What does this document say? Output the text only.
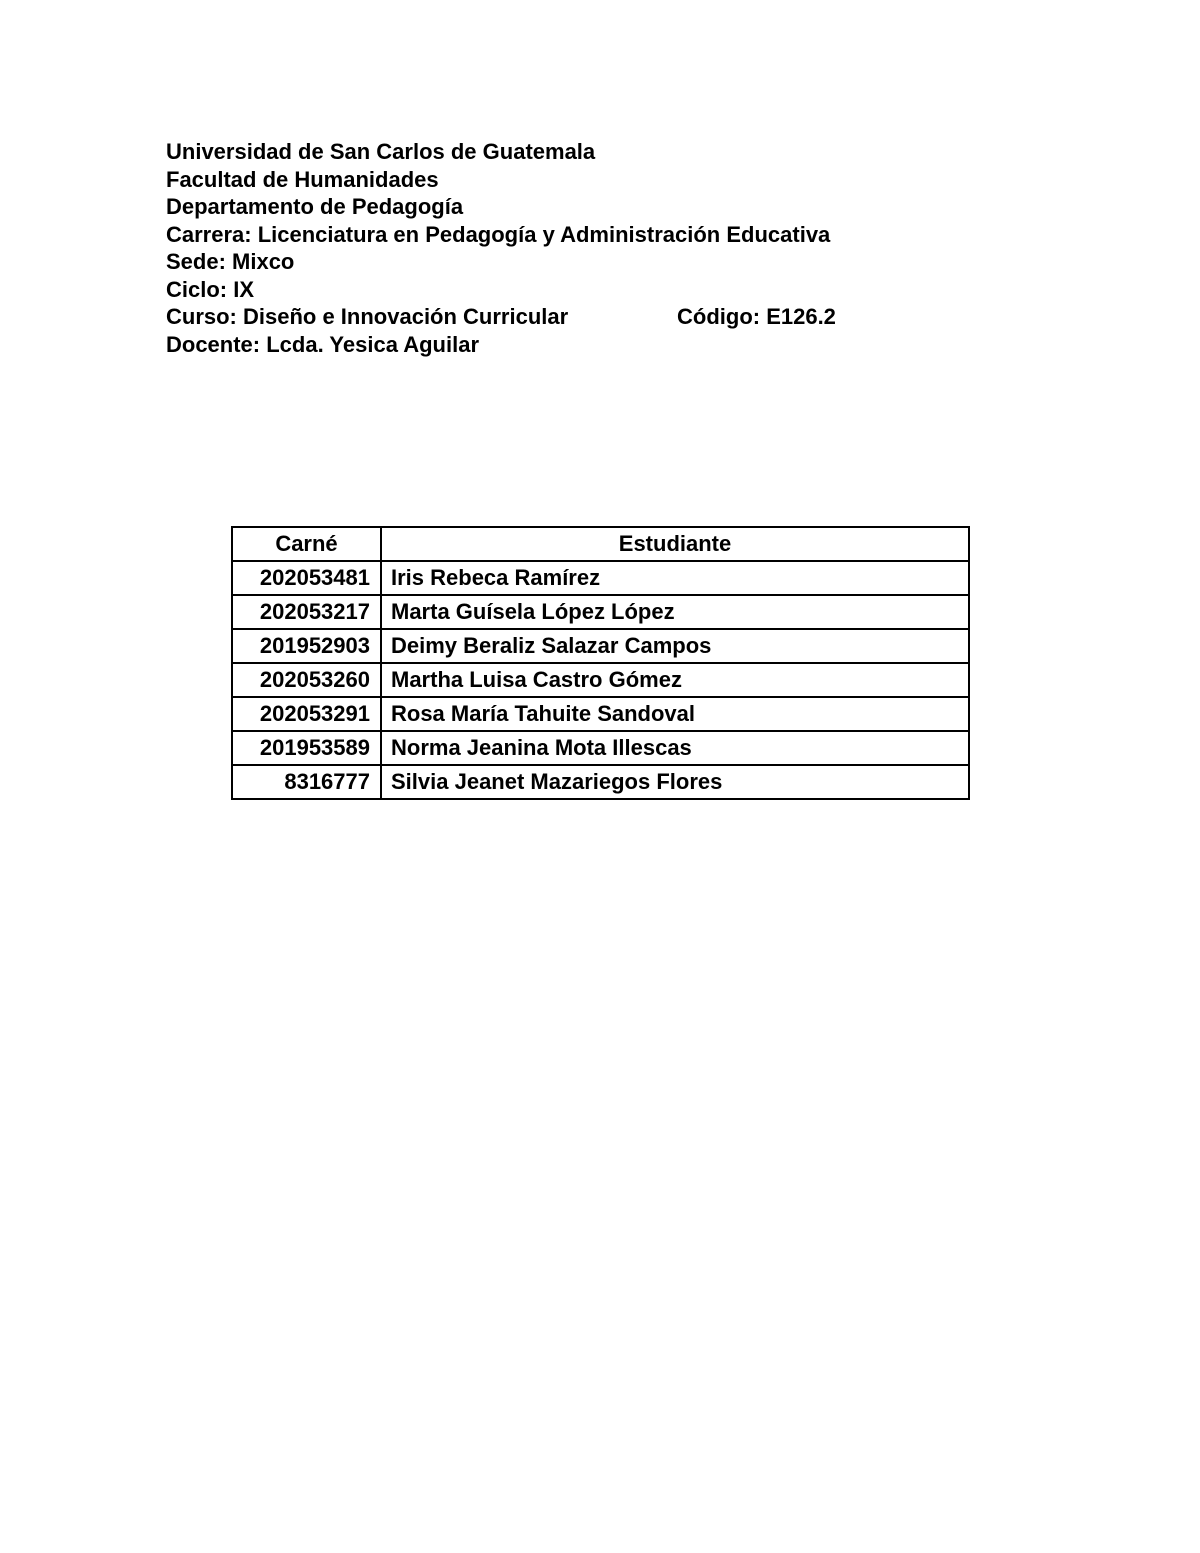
Universidad de San Carlos de Guatemala
Facultad de Humanidades
Departamento de Pedagogía
Carrera: Licenciatura en Pedagogía y Administración Educativa
Sede: Mixco
Ciclo: IX
Curso: Diseño e Innovación Curricular	Código: E126.2
Docente: Lcda. Yesica Aguilar
Carné	Estudiante
202053481	Iris Rebeca Ramírez
202053217	Marta Guísela López López
201952903	Deimy Beraliz Salazar Campos
202053260	Martha Luisa Castro Gómez
202053291	Rosa María Tahuite Sandoval
201953589	Norma Jeanina Mota Illescas
8316777	Silvia Jeanet Mazariegos Flores
